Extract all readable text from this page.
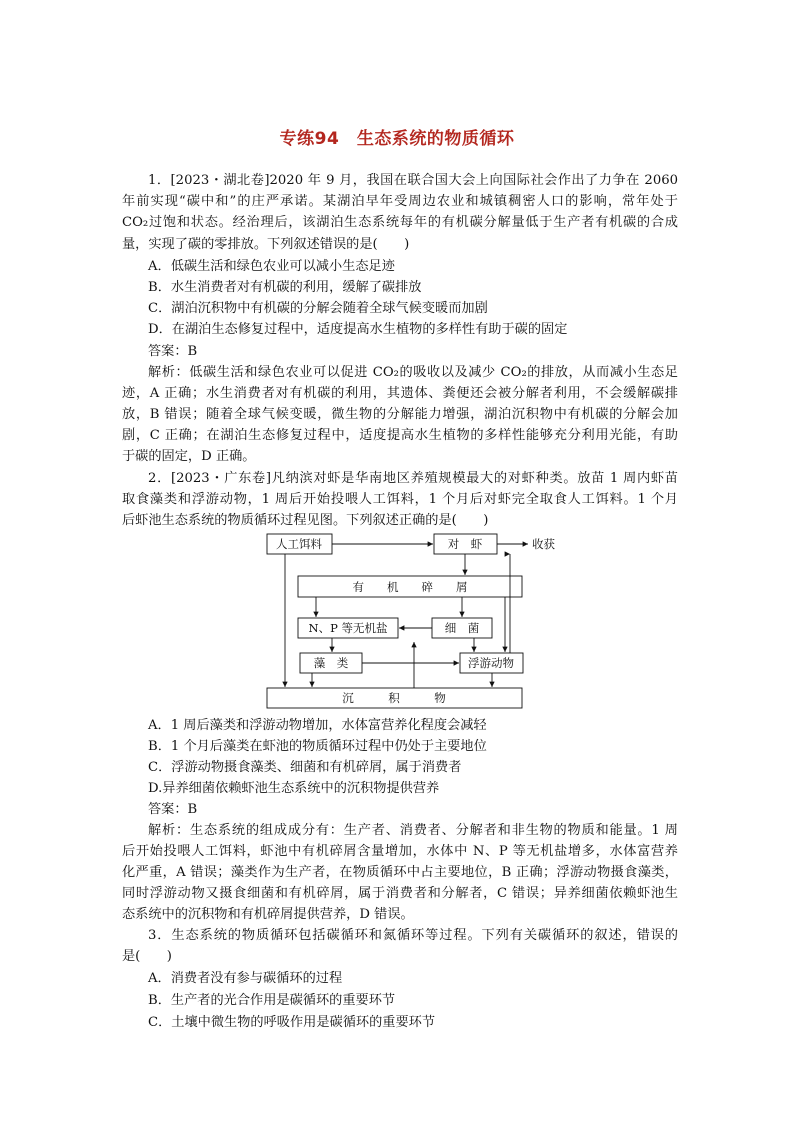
专练94　生态系统的物质循环
1．[2023・湖北卷]2020 年 9 月，我国在联合国大会上向国际社会作出了力争在 2060
年前实现“碳中和”的庄严承诺。某湖泊早年受周边农业和城镇稠密人口的影响，常年处于
CO₂过饱和状态。经治理后，该湖泊生态系统每年的有机碳分解量低于生产者有机碳的合成
量，实现了碳的零排放。下列叙述错误的是(　　)
A．低碳生活和绿色农业可以减小生态足迹
B．水生消费者对有机碳的利用，缓解了碳排放
C．湖泊沉积物中有机碳的分解会随着全球气候变暖而加剧
D．在湖泊生态修复过程中，适度提高水生植物的多样性有助于碳的固定
答案：B
解析：低碳生活和绿色农业可以促进 CO₂的吸收以及减少 CO₂的排放，从而减小生态足
迹，A 正确；水生消费者对有机碳的利用，其遗体、粪便还会被分解者利用，不会缓解碳排
放，B 错误；随着全球气候变暖，微生物的分解能力增强，湖泊沉积物中有机碳的分解会加
剧，C 正确；在湖泊生态修复过程中，适度提高水生植物的多样性能够充分利用光能，有助
于碳的固定，D 正确。
2．[2023・广东卷]凡纳滨对虾是华南地区养殖规模最大的对虾种类。放苗 1 周内虾苗
取食藻类和浮游动物，1 周后开始投喂人工饵料，1 个月后对虾完全取食人工饵料。1 个月
后虾池生态系统的物质循环过程见图。下列叙述正确的是(　　)
人工饵料	对　虾	收获
有　　机　　碎　　屑
N、P 等无机盐	细　菌
藻　类	浮游动物
沉　　　积　　　物
A．1 周后藻类和浮游动物增加，水体富营养化程度会减轻
B．1 个月后藻类在虾池的物质循环过程中仍处于主要地位
C．浮游动物摄食藻类、细菌和有机碎屑，属于消费者
D.异养细菌依赖虾池生态系统中的沉积物提供营养
答案：B
解析：生态系统的组成成分有：生产者、消费者、分解者和非生物的物质和能量。1 周
后开始投喂人工饵料，虾池中有机碎屑含量增加，水体中 N、P 等无机盐增多，水体富营养
化严重，A 错误；藻类作为生产者，在物质循环中占主要地位，B 正确；浮游动物摄食藻类，
同时浮游动物又摄食细菌和有机碎屑，属于消费者和分解者，C 错误；异养细菌依赖虾池生
态系统中的沉积物和有机碎屑提供营养，D 错误。
3．生态系统的物质循环包括碳循环和氮循环等过程。下列有关碳循环的叙述，错误的
是(　　)
A．消费者没有参与碳循环的过程
B．生产者的光合作用是碳循环的重要环节
C．土壤中微生物的呼吸作用是碳循环的重要环节
